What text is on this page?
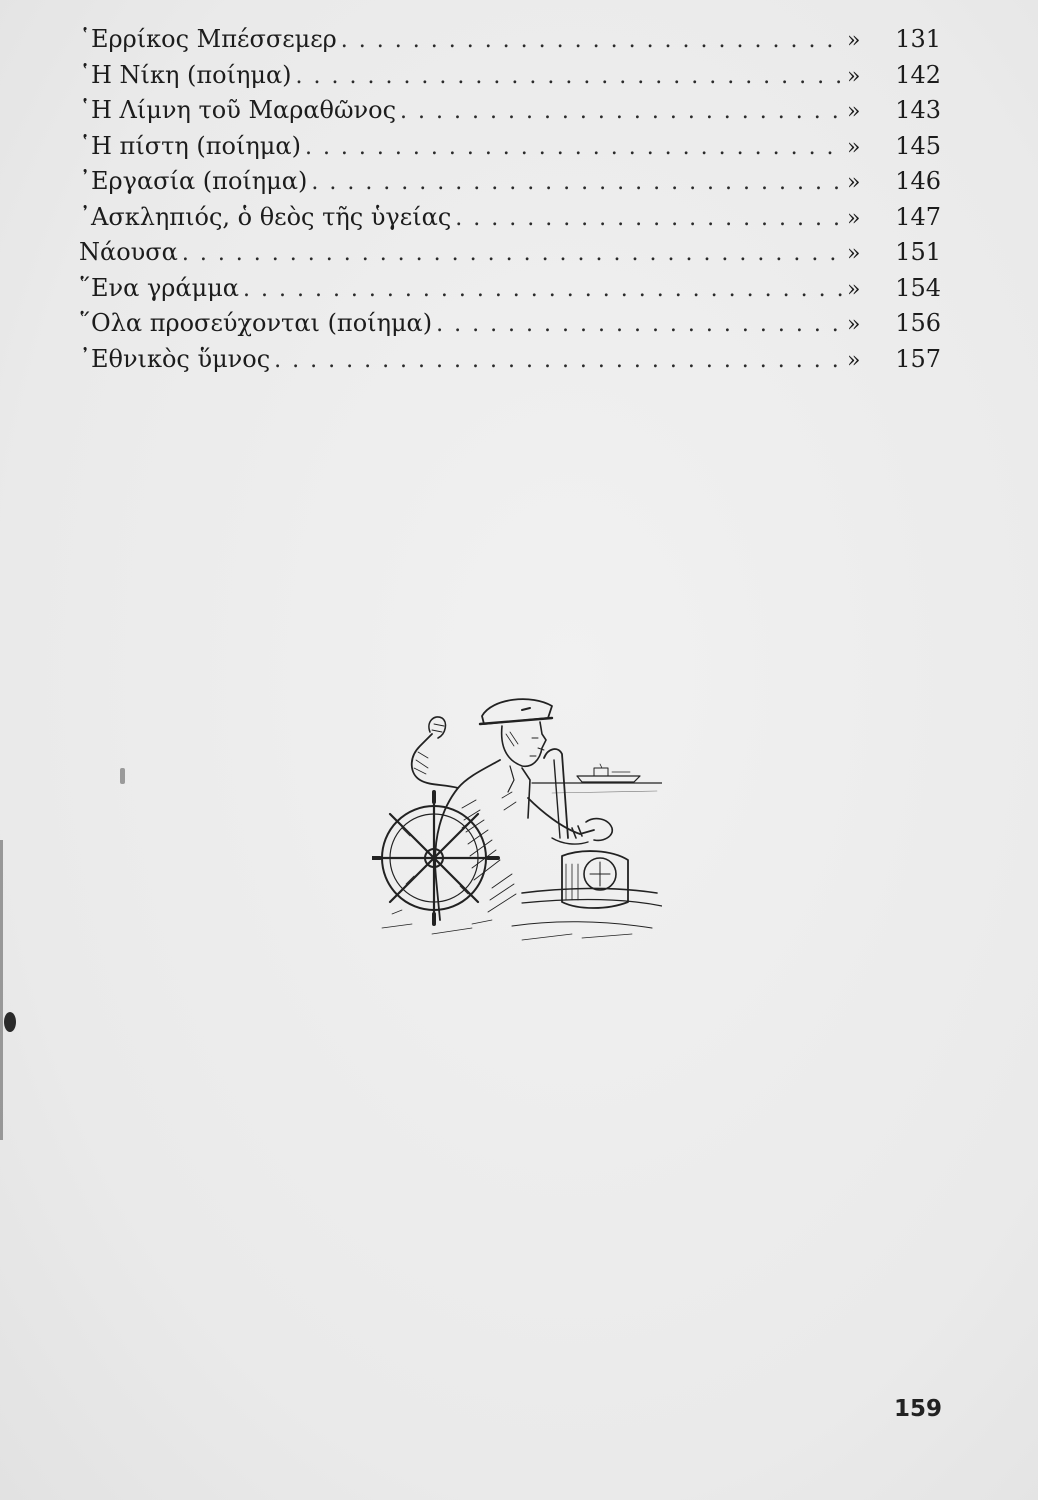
῾Ερρίκος Μπέσσεμερ . . .	»	131
῾Η Νίκη (ποίημα) . . .	»	142
῾Η Λίμνη τοῦ Μαραθῶνος . . .	»	143
῾Η πίστη (ποίημα) . . .	»	145
᾿Εργασία (ποίημα) . . .	»	146
᾿Ασκληπιός, ὁ θεὸς τῆς ὑγείας . . .	»	147
Νάουσα . . .	»	151
῞Ενα γράμμα . . .	»	154
῞Ολα προσεύχονται (ποίημα) . . .	»	156
᾿Εθνικὸς ὕμνος . . .	»	157
159
